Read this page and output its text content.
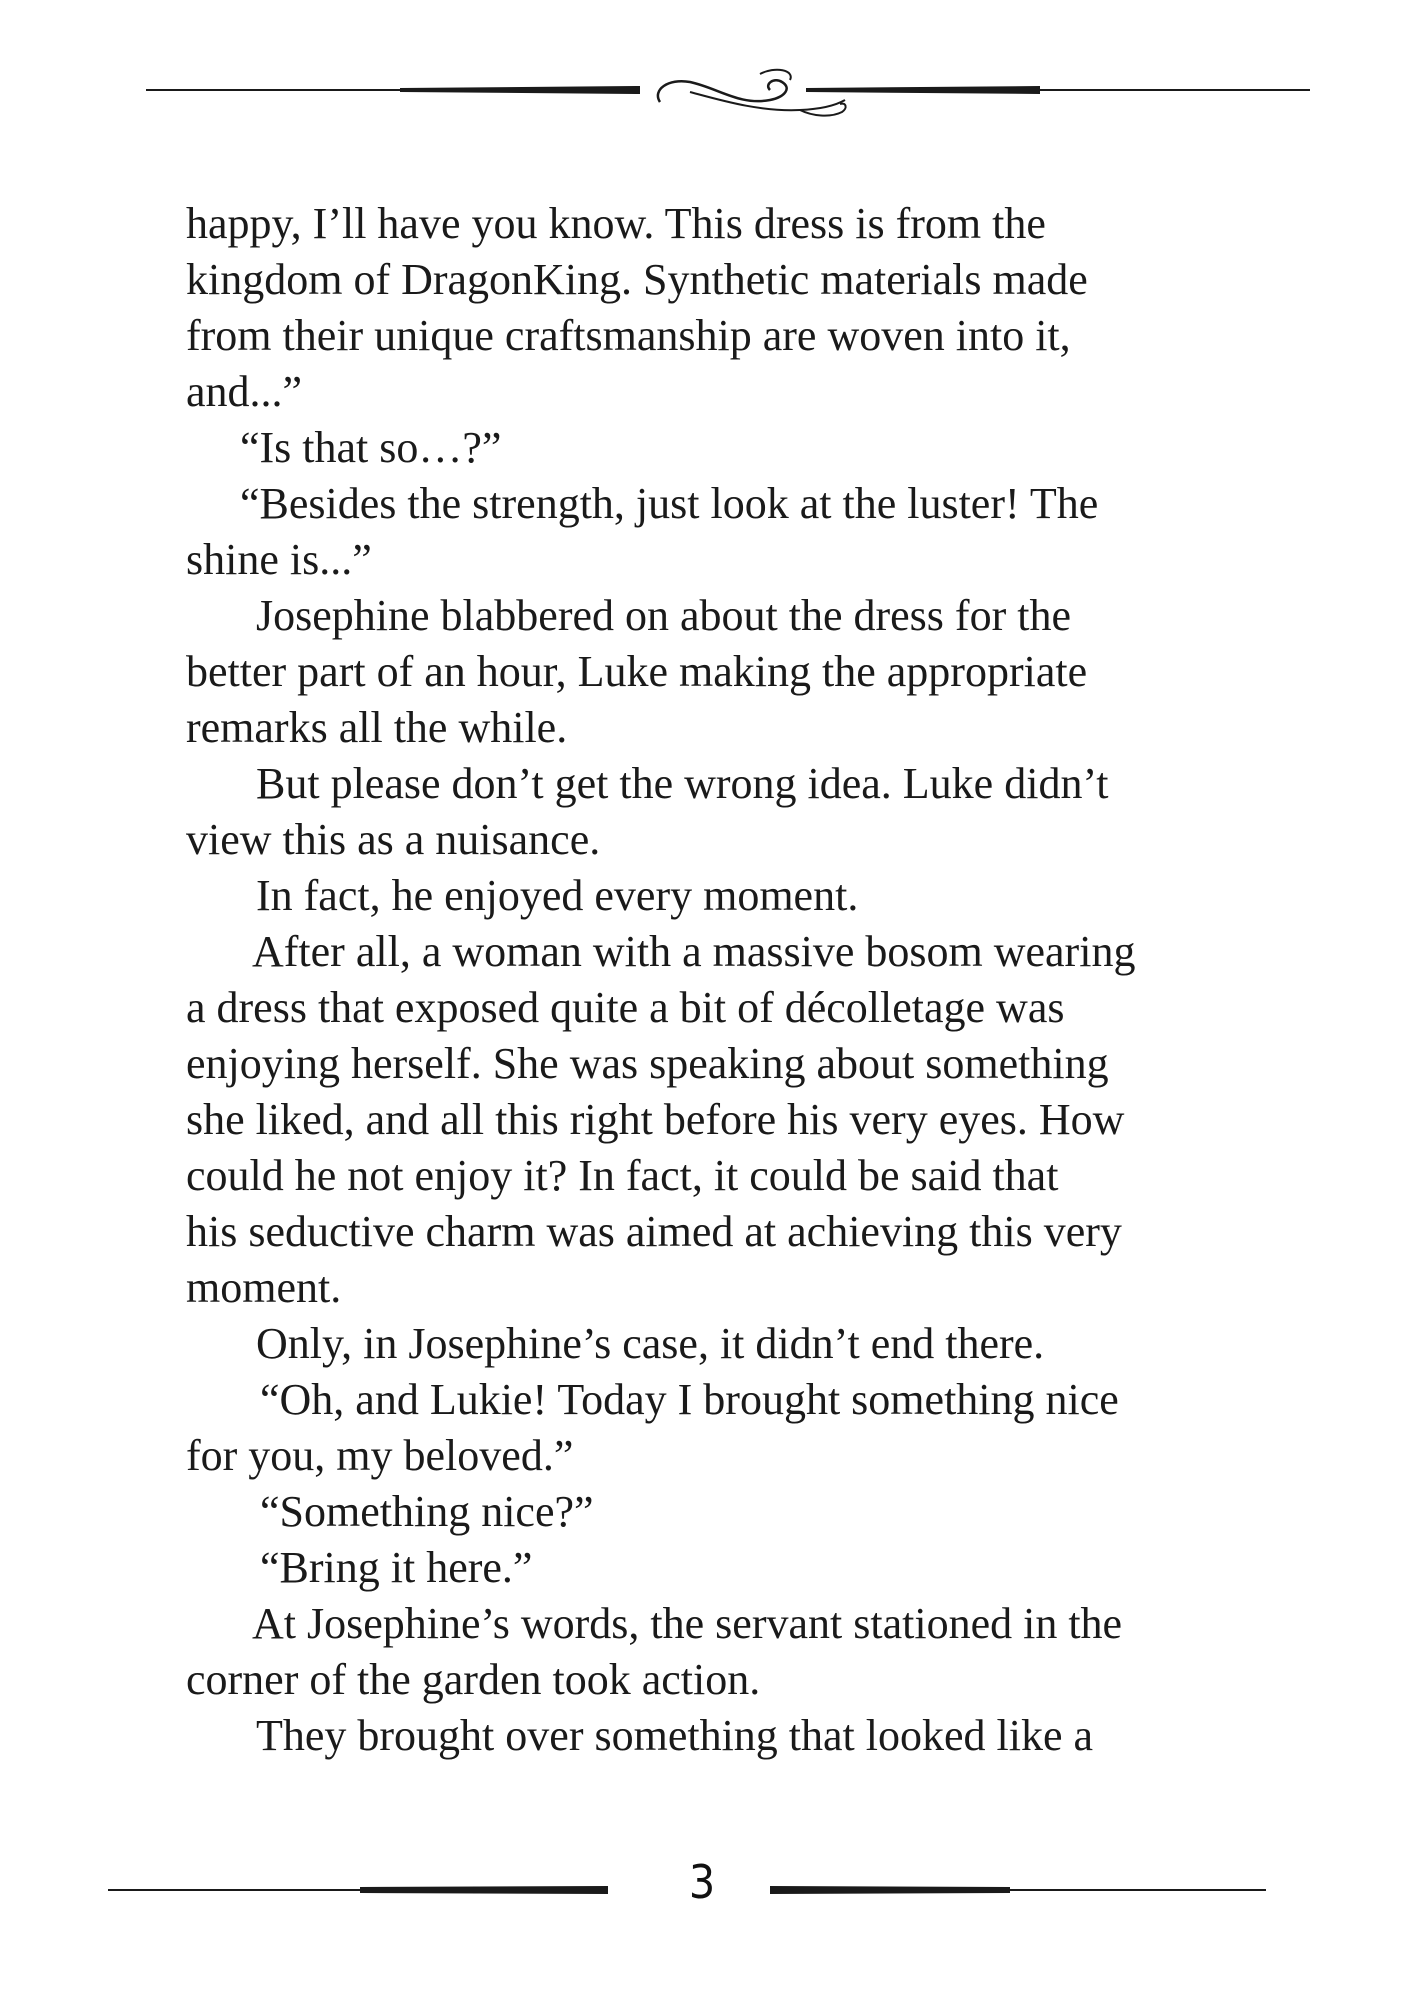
happy, I’ll have you know. This dress is from the

kingdom of DragonKing. Synthetic materials made

from their unique craftsmanship are woven into it,

and...”

“Is that so…?”

“Besides the strength, just look at the luster! The

shine is...”

Josephine blabbered on about the dress for the

better part of an hour, Luke making the appropriate

remarks all the while.

But please don’t get the wrong idea. Luke didn’t

view this as a nuisance.

In fact, he enjoyed every moment.

After all, a woman with a massive bosom wearing

a dress that exposed quite a bit of décolletage was

enjoying herself. She was speaking about something

she liked, and all this right before his very eyes. How

could he not enjoy it? In fact, it could be said that

his seductive charm was aimed at achieving this very

moment.

Only, in Josephine’s case, it didn’t end there.

“Oh, and Lukie! Today I brought something nice

for you, my beloved.”

“Something nice?”

“Bring it here.”

At Josephine’s words, the servant stationed in the

corner of the garden took action.

They brought over something that looked like a

3
